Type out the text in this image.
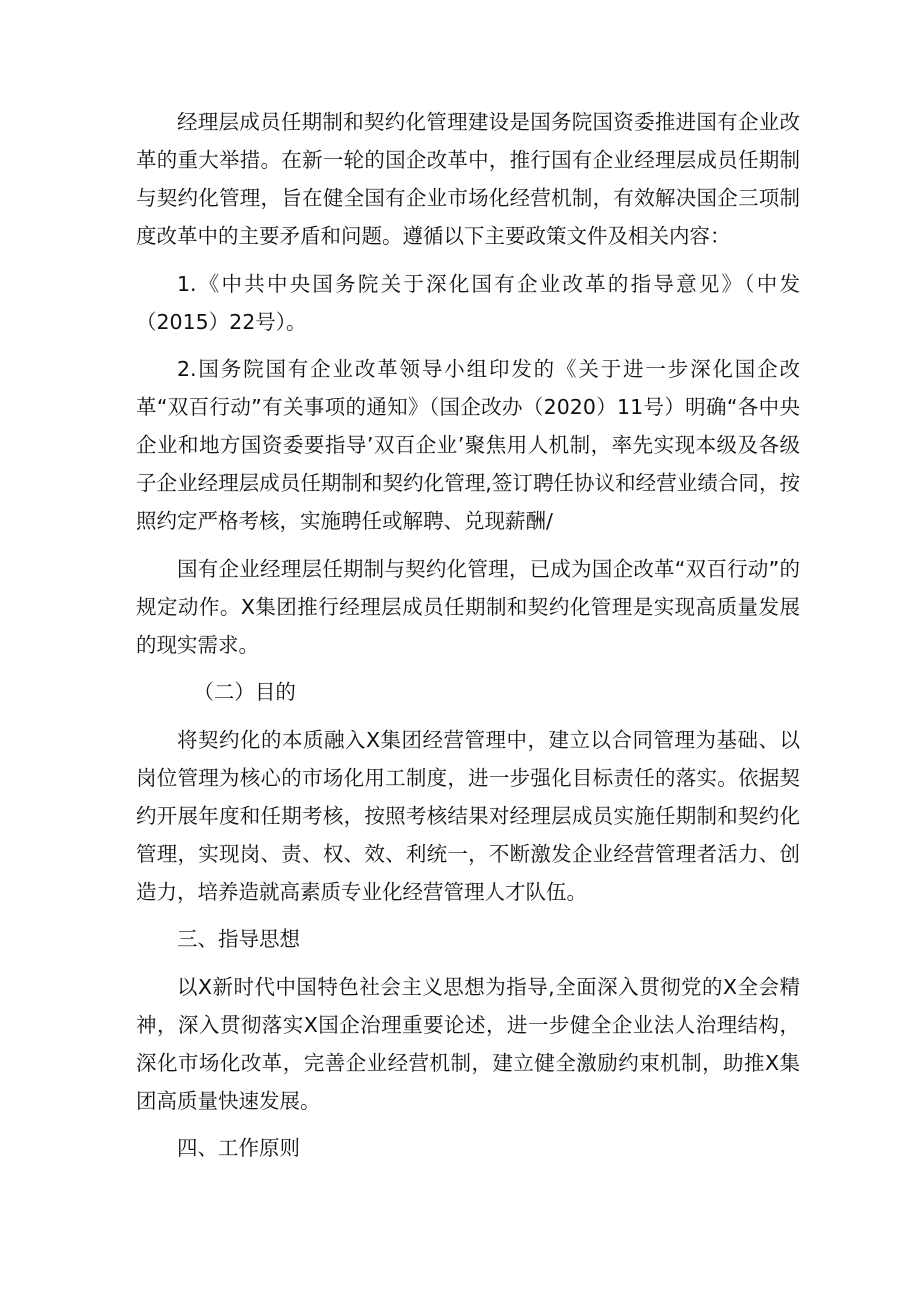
经理层成员任期制和契约化管理建设是国务院国资委推进国有企业改革的重大举措。在新一轮的国企改革中，推行国有企业经理层成员任期制与契约化管理，旨在健全国有企业市场化经营机制，有效解决国企三项制度改革中的主要矛盾和问题。遵循以下主要政策文件及相关内容：

1.《中共中央国务院关于深化国有企业改革的指导意见》（中发（2015）22号）。

2.国务院国有企业改革领导小组印发的《关于进一步深化国企改革“双百行动”有关事项的通知》（国企改办（2020）11号）明确“各中央企业和地方国资委要指导’双百企业’聚焦用人机制，率先实现本级及各级子企业经理层成员任期制和契约化管理,签订聘任协议和经营业绩合同，按照约定严格考核，实施聘任或解聘、兑现薪酬/

国有企业经理层任期制与契约化管理，已成为国企改革“双百行动”的规定动作。X集团推行经理层成员任期制和契约化管理是实现高质量发展的现实需求。

（二）目的

将契约化的本质融入X集团经营管理中，建立以合同管理为基础、以岗位管理为核心的市场化用工制度，进一步强化目标责任的落实。依据契约开展年度和任期考核，按照考核结果对经理层成员实施任期制和契约化管理，实现岗、责、权、效、利统一，不断激发企业经营管理者活力、创造力，培养造就高素质专业化经营管理人才队伍。

三、指导思想

以X新时代中国特色社会主义思想为指导,全面深入贯彻党的X全会精神，深入贯彻落实X国企治理重要论述，进一步健全企业法人治理结构，深化市场化改革，完善企业经营机制，建立健全激励约束机制，助推X集团高质量快速发展。

四、工作原则
